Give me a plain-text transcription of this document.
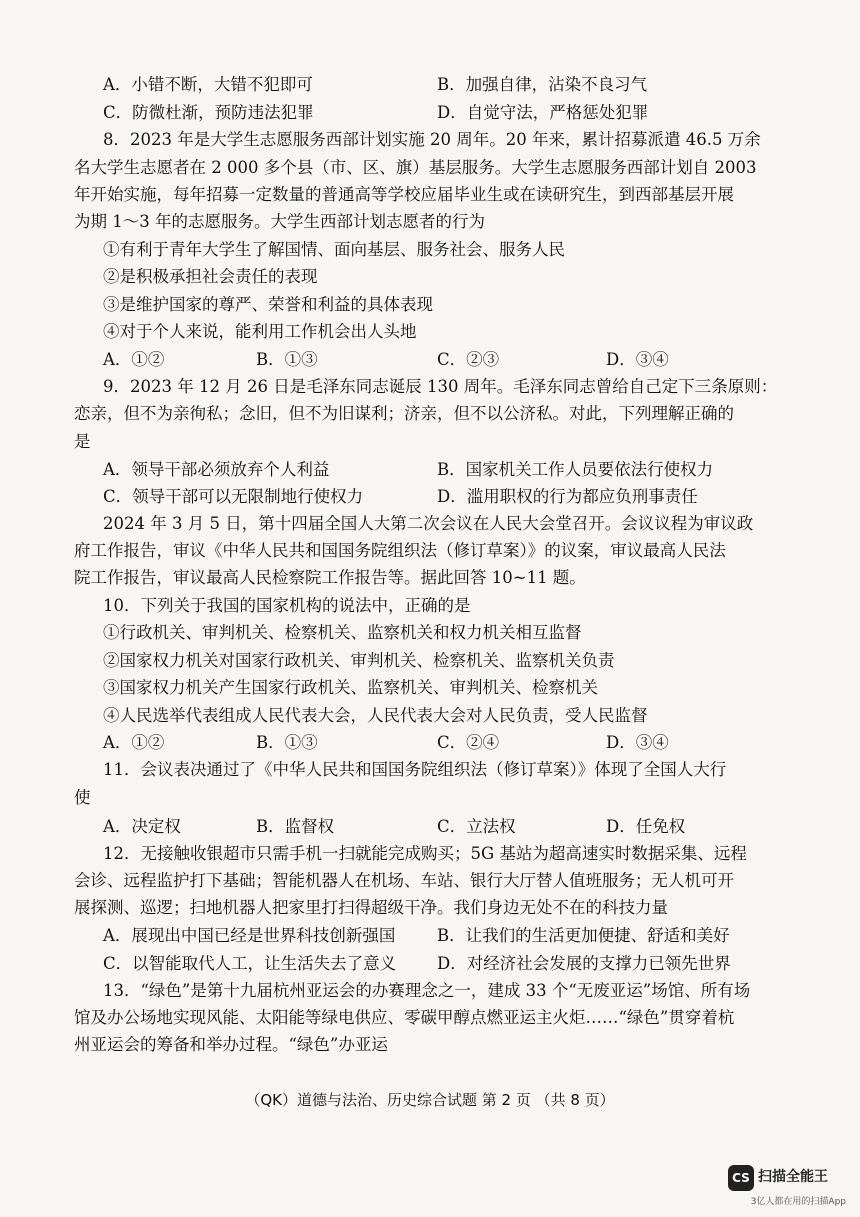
A．小错不断，大错不犯即可	B．加强自律，沾染不良习气
C．防微杜渐，预防违法犯罪	D．自觉守法，严格惩处犯罪
8．2023 年是大学生志愿服务西部计划实施 20 周年。20 年来，累计招募派遣 46.5 万余
名大学生志愿者在 2 000 多个县（市、区、旗）基层服务。大学生志愿服务西部计划自 2003
年开始实施，每年招募一定数量的普通高等学校应届毕业生或在读研究生，到西部基层开展
为期 1～3 年的志愿服务。大学生西部计划志愿者的行为
①有利于青年大学生了解国情、面向基层、服务社会、服务人民
②是积极承担社会责任的表现
③是维护国家的尊严、荣誉和利益的具体表现
④对于个人来说，能利用工作机会出人头地
A．①②	B．①③	C．②③	D．③④
9．2023 年 12 月 26 日是毛泽东同志诞辰 130 周年。毛泽东同志曾给自己定下三条原则：
恋亲，但不为亲徇私；念旧，但不为旧谋利；济亲，但不以公济私。对此，下列理解正确的
是
A．领导干部必须放弃个人利益	B．国家机关工作人员要依法行使权力
C．领导干部可以无限制地行使权力	D．滥用职权的行为都应负刑事责任
2024 年 3 月 5 日，第十四届全国人大第二次会议在人民大会堂召开。会议议程为审议政
府工作报告，审议《中华人民共和国国务院组织法（修订草案）》的议案，审议最高人民法
院工作报告，审议最高人民检察院工作报告等。据此回答 10~11 题。
10．下列关于我国的国家机构的说法中，正确的是
①行政机关、审判机关、检察机关、监察机关和权力机关相互监督
②国家权力机关对国家行政机关、审判机关、检察机关、监察机关负责
③国家权力机关产生国家行政机关、监察机关、审判机关、检察机关
④人民选举代表组成人民代表大会，人民代表大会对人民负责，受人民监督
A．①②	B．①③	C．②④	D．③④
11．会议表决通过了《中华人民共和国国务院组织法（修订草案）》体现了全国人大行
使
A．决定权	B．监督权	C．立法权	D．任免权
12．无接触收银超市只需手机一扫就能完成购买；5G 基站为超高速实时数据采集、远程
会诊、远程监护打下基础；智能机器人在机场、车站、银行大厅替人值班服务；无人机可开
展探测、巡逻；扫地机器人把家里打扫得超级干净。我们身边无处不在的科技力量
A．展现出中国已经是世界科技创新强国	B．让我们的生活更加便捷、舒适和美好
C．以智能取代人工，让生活失去了意义 D．对经济社会发展的支撑力已领先世界
13．“绿色”是第十九届杭州亚运会的办赛理念之一，建成 33 个“无废亚运”场馆、所有场
馆及办公场地实现风能、太阳能等绿电供应、零碳甲醇点燃亚运主火炬……“绿色”贯穿着杭
州亚运会的筹备和举办过程。“绿色”办亚运
（QK）道德与法治、历史综合试题 第 2 页 （共 8 页）
CS 扫描全能王
3亿人都在用的扫描App
